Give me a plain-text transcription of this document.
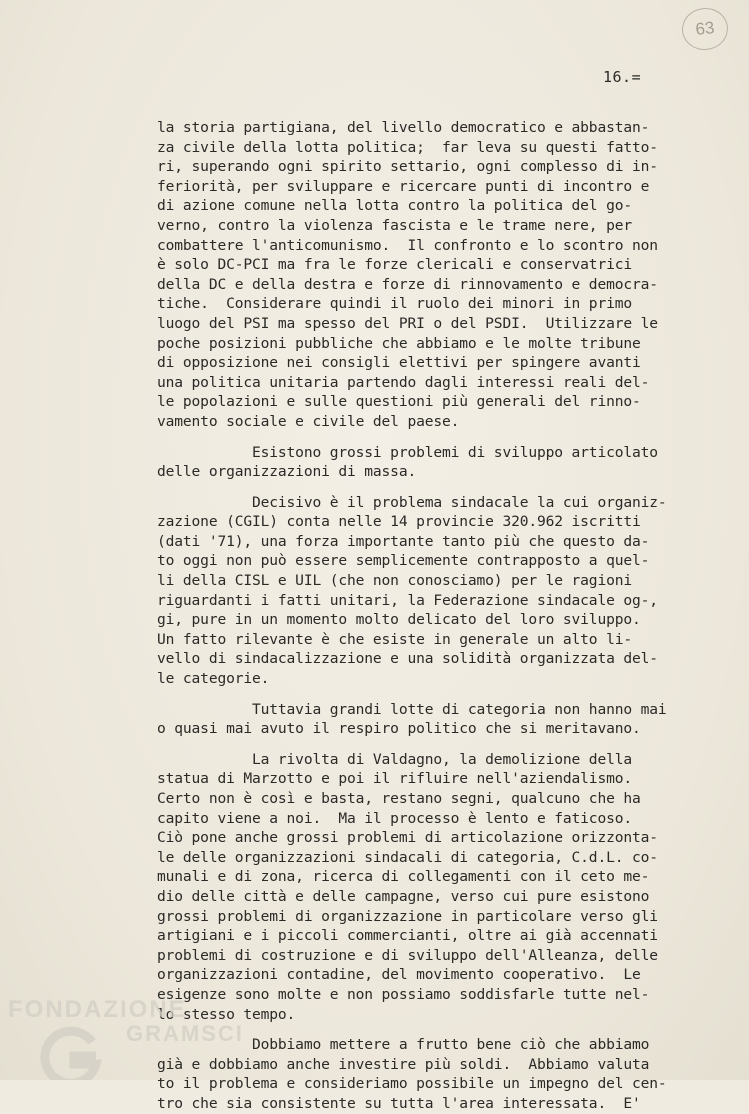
63
16.=
la storia partigiana, del livello democratico e abbastan-
za civile della lotta politica;  far leva su questi fatto-
ri, superando ogni spirito settario, ogni complesso di in-
feriorità, per sviluppare e ricercare punti di incontro e
di azione comune nella lotta contro la politica del go-
verno, contro la violenza fascista e le trame nere, per
combattere l'anticomunismo.  Il confronto e lo scontro non
è solo DC-PCI ma fra le forze clericali e conservatrici
della DC e della destra e forze di rinnovamento e democra-
tiche.  Considerare quindi il ruolo dei minori in primo
luogo del PSI ma spesso del PRI o del PSDI.  Utilizzare le
poche posizioni pubbliche che abbiamo e le molte tribune
di opposizione nei consigli elettivi per spingere avanti
una politica unitaria partendo dagli interessi reali del-
le popolazioni e sulle questioni più generali del rinno-
vamento sociale e civile del paese.
Esistono grossi problemi di sviluppo articolato
delle organizzazioni di massa.
Decisivo è il problema sindacale la cui organiz-
zazione (CGIL) conta nelle 14 provincie 320.962 iscritti
(dati '71), una forza importante tanto più che questo da-
to oggi non può essere semplicemente contrapposto a quel-
li della CISL e UIL (che non conosciamo) per le ragioni
riguardanti i fatti unitari, la Federazione sindacale og-,
gi, pure in un momento molto delicato del loro sviluppo.
Un fatto rilevante è che esiste in generale un alto li-
vello di sindacalizzazione e una solidità organizzata del-
le categorie.
Tuttavia grandi lotte di categoria non hanno mai
o quasi mai avuto il respiro politico che si meritavano.
La rivolta di Valdagno, la demolizione della
statua di Marzotto e poi il rifluire nell'aziendalismo.
Certo non è così e basta, restano segni, qualcuno che ha
capito viene a noi.  Ma il processo è lento e faticoso.
Ciò pone anche grossi problemi di articolazione orizzonta-
le delle organizzazioni sindacali di categoria, C.d.L. co-
munali e di zona, ricerca di collegamenti con il ceto me-
dio delle città e delle campagne, verso cui pure esistono
grossi problemi di organizzazione in particolare verso gli
artigiani e i piccoli commercianti, oltre ai già accennati
problemi di costruzione e di sviluppo dell'Alleanza, delle
organizzazioni contadine, del movimento cooperativo.  Le
esigenze sono molte e non possiamo soddisfarle tutte nel-
lo stesso tempo.
Dobbiamo mettere a frutto bene ciò che abbiamo
già e dobbiamo anche investire più soldi.  Abbiamo valuta
to il problema e consideriamo possibile un impegno del cen-
tro che sia consistente su tutta l'area interessata.  E'
FONDAZIONE
GRAMSCI
